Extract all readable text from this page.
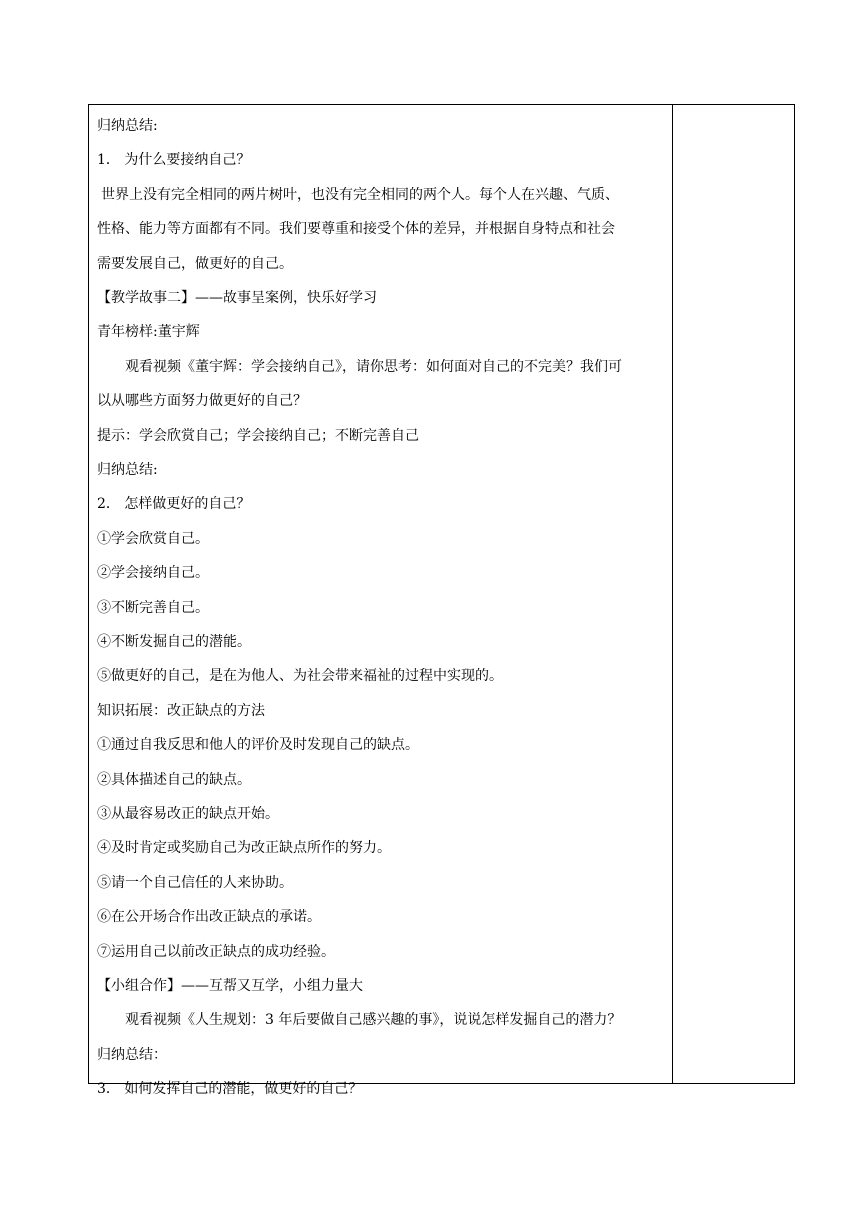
归纳总结:
1． 为什么要接纳自己？
世界上没有完全相同的两片树叶，也没有完全相同的两个人。每个人在兴趣、气质、
性格、能力等方面都有不同。我们要尊重和接受个体的差异，并根据自身特点和社会
需要发展自己，做更好的自己。
【教学故事二】——故事呈案例，快乐好学习
青年榜样:董宇辉
观看视频《董宇辉：学会接纳自己》，请你思考：如何面对自己的不完美？我们可
以从哪些方面努力做更好的自己？
提示：学会欣赏自己；学会接纳自己；不断完善自己
归纳总结:
2． 怎样做更好的自己？
①学会欣赏自己。
②学会接纳自己。
③不断完善自己。
④不断发掘自己的潜能。
⑤做更好的自己，是在为他人、为社会带来福祉的过程中实现的。
知识拓展：改正缺点的方法
①通过自我反思和他人的评价及时发现自己的缺点。
②具体描述自己的缺点。
③从最容易改正的缺点开始。
④及时肯定或奖励自己为改正缺点所作的努力。
⑤请一个自己信任的人来协助。
⑥在公开场合作出改正缺点的承诺。
⑦运用自己以前改正缺点的成功经验。
【小组合作】——互帮又互学，小组力量大
观看视频《人生规划：3 年后要做自己感兴趣的事》，说说怎样发掘自己的潜力？
归纳总结：
3． 如何发挥自己的潜能，做更好的自己？
